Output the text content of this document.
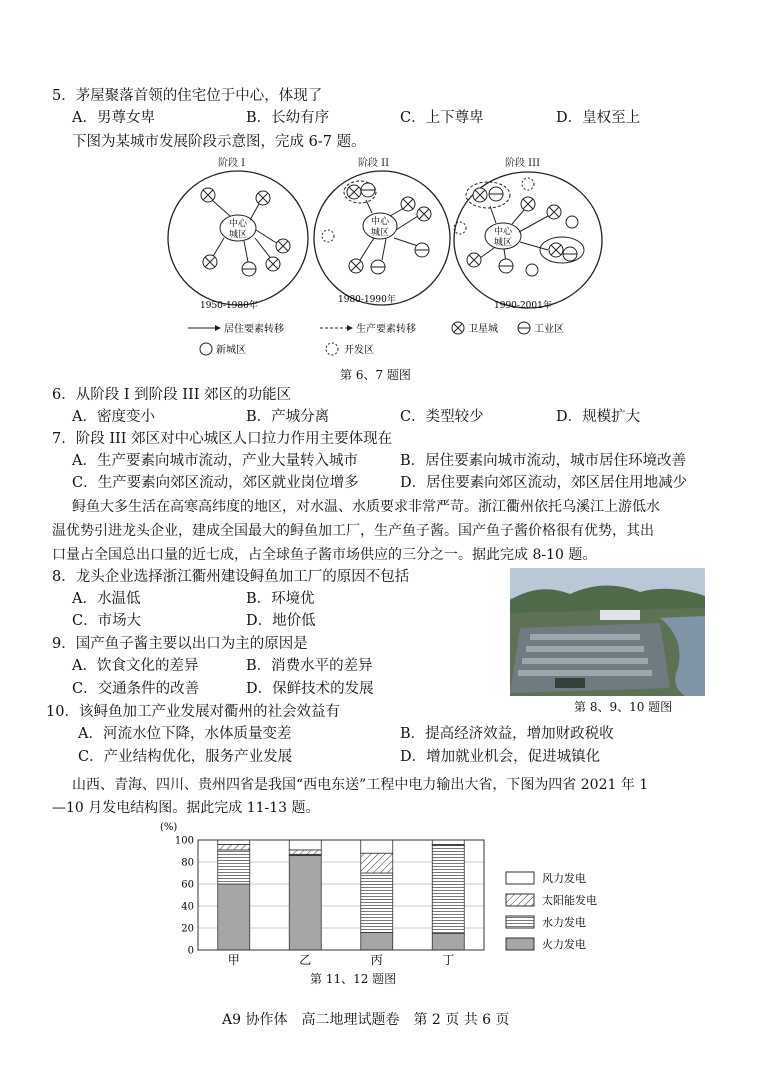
5．茅屋聚落首领的住宅位于中心，体现了
A．男尊女卑	B．长幼有序	C．上下尊卑	D．皇权至上
下图为某城市发展阶段示意图，完成 6-7 题。
阶段 I	阶段 II	阶段 III
中心
城区
1950-1980年
中心
城区
1980-1990年
中心
城区
1990-2001年
居住要素转移	生产要素转移	卫星城	工业区
新城区	开发区
第 6、7 题图
6．从阶段 I 到阶段 III 郊区的功能区
A．密度变小	B．产城分离	C．类型较少	D．规模扩大
7．阶段 III 郊区对中心城区人口拉力作用主要体现在
A．生产要素向城市流动，产业大量转入城市	B．居住要素向城市流动，城市居住环境改善
C．生产要素向郊区流动，郊区就业岗位增多	D．居住要素向郊区流动，郊区居住用地减少
鲟鱼大多生活在高寒高纬度的地区，对水温、水质要求非常严苛。浙江衢州依托乌溪江上游低水
温优势引进龙头企业，建成全国最大的鲟鱼加工厂，生产鱼子酱。国产鱼子酱价格很有优势，其出
口量占全国总出口量的近七成，占全球鱼子酱市场供应的三分之一。据此完成 8-10 题。
8．龙头企业选择浙江衢州建设鲟鱼加工厂的原因不包括
A．水温低	B．环境优
C．市场大	D．地价低
9．国产鱼子酱主要以出口为主的原因是
A．饮食文化的差异	B．消费水平的差异
C．交通条件的改善	D．保鲜技术的发展
第 8、9、10 题图
10．该鲟鱼加工产业发展对衢州的社会效益有
A．河流水位下降，水体质量变差	B．提高经济效益，增加财政税收
C．产业结构优化，服务产业发展	D．增加就业机会，促进城镇化
山西、青海、四川、贵州四省是我国“西电东送”工程中电力输出大省，下图为四省 2021 年 1
—10 月发电结构图。据此完成 11-13 题。
(%)
0
20
40
60
80
100
甲	乙	丙	丁
风力发电
太阳能发电
水力发电
火力发电
第 11、12 题图
A9 协作体　高二地理试题卷　第 2 页 共 6 页
